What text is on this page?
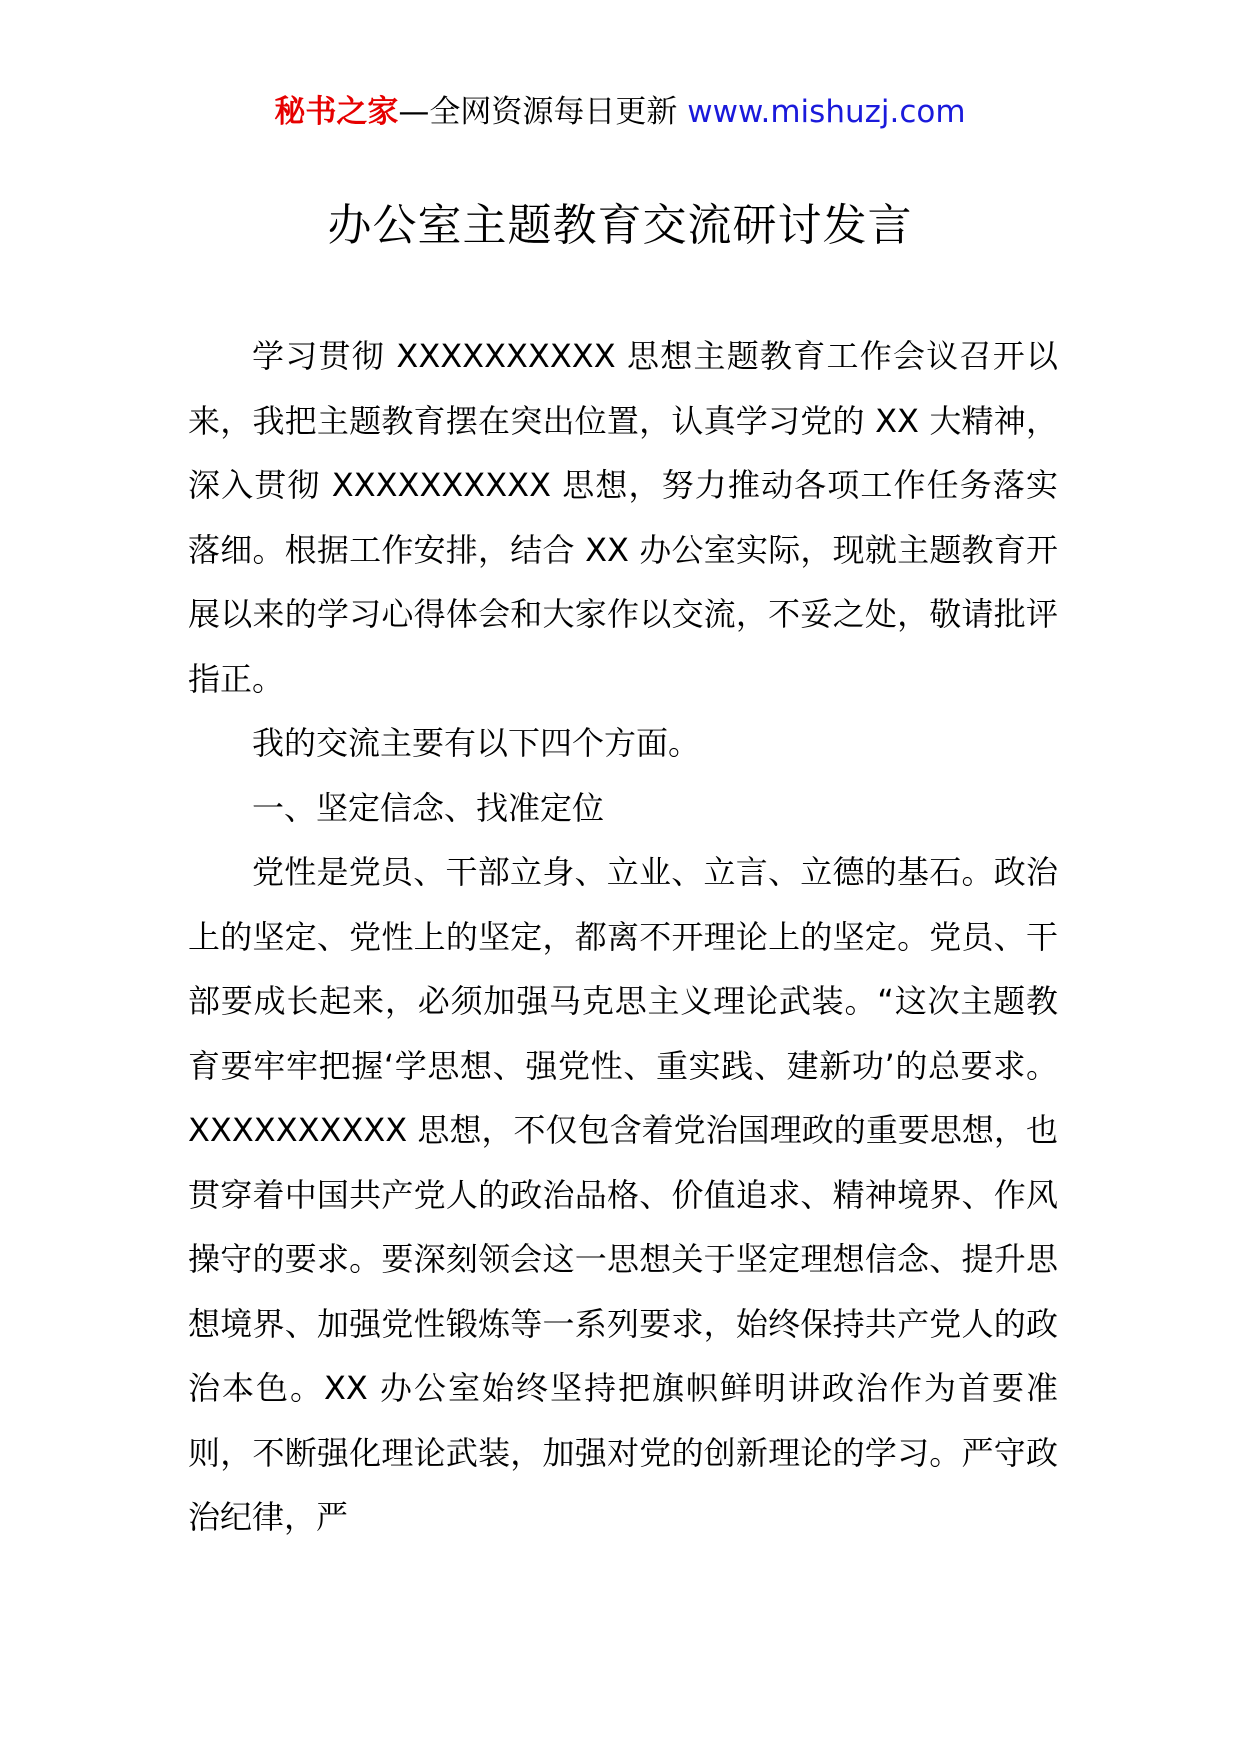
秘书之家—全网资源每日更新 www.mishuzj.com
办公室主题教育交流研讨发言

学习贯彻 XXXXXXXXXX 思想主题教育工作会议召开以来，我把主题教育摆在突出位置，认真学习党的 XX 大精神，深入贯彻 XXXXXXXXXX 思想，努力推动各项工作任务落实落细。根据工作安排，结合 XX 办公室实际，现就主题教育开展以来的学习心得体会和大家作以交流，不妥之处，敬请批评指正。

我的交流主要有以下四个方面。

一、坚定信念、找准定位

党性是党员、干部立身、立业、立言、立德的基石。政治上的坚定、党性上的坚定，都离不开理论上的坚定。党员、干部要成长起来，必须加强马克思主义理论武装。“这次主题教育要牢牢把握‘学思想、强党性、重实践、建新功’的总要求。XXXXXXXXXX 思想，不仅包含着党治国理政的重要思想，也贯穿着中国共产党人的政治品格、价值追求、精神境界、作风操守的要求。要深刻领会这一思想关于坚定理想信念、提升思想境界、加强党性锻炼等一系列要求，始终保持共产党人的政治本色。XX 办公室始终坚持把旗帜鲜明讲政治作为首要准则，不断强化理论武装，加强对党的创新理论的学习。严守政治纪律，严
